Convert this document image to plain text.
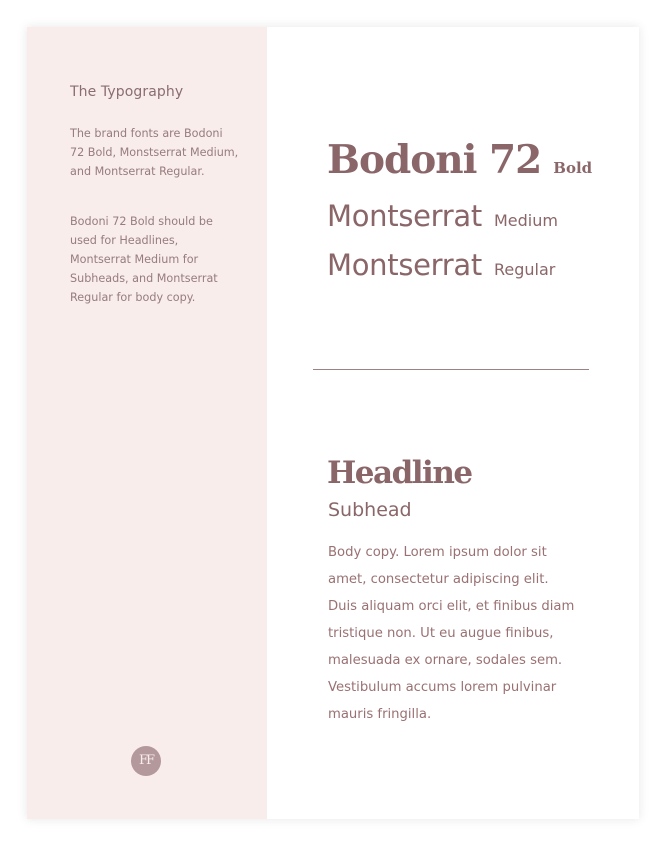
The Typography

The brand fonts are Bodoni 72 Bold, Monstserrat Medium, and Montserrat Regular.

Bodoni 72 Bold should be used for Headlines, Montserrat Medium for Subheads, and Montserrat Regular for body copy.

FF
Bodoni 72 Bold
Montserrat Medium
Montserrat Regular
Headline
Subhead

Body copy. Lorem ipsum dolor sit amet, consectetur adipiscing elit. Duis aliquam orci elit, et finibus diam tristique non. Ut eu augue finibus, malesuada ex ornare, sodales sem. Vestibulum accums lorem pulvinar mauris fringilla.
